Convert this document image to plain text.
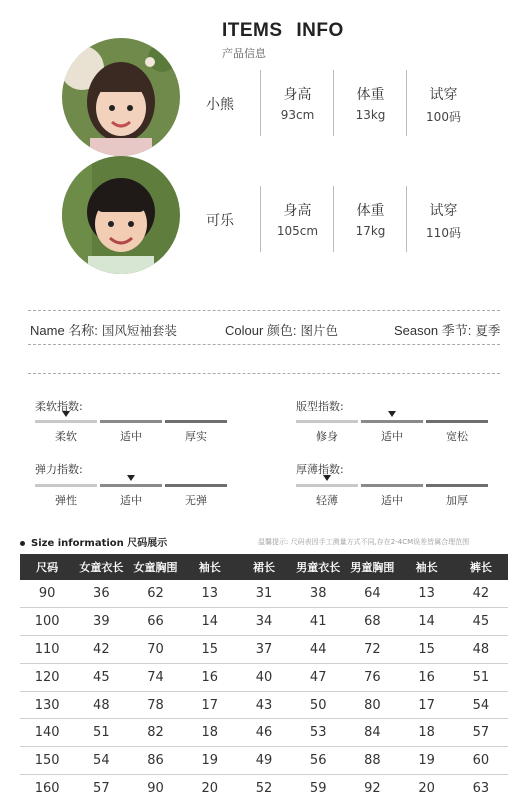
ITEMS INFO
产品信息
小熊
身高
93cm
体重
13kg
试穿
100码
可乐
身高
105cm
体重
17kg
试穿
110码
Name 名称: 国风短袖套装	Colour 颜色: 图片色	Season 季节: 夏季
柔软指数:
柔软	适中	厚实
版型指数:
修身	适中	宽松
弹力指数:
弹性	适中	无弹
厚薄指数:
轻薄	适中	加厚
Size information 尺码展示	温馨提示: 尺码表因手工测量方式不同,存在2-4CM误差皆属合理范围
尺码	女童衣长	女童胸围	袖长	裙长	男童衣长	男童胸围	袖长	裤长
90	36	62	13	31	38	64	13	42
100	39	66	14	34	41	68	14	45
110	42	70	15	37	44	72	15	48
120	45	74	16	40	47	76	16	51
130	48	78	17	43	50	80	17	54
140	51	82	18	46	53	84	18	57
150	54	86	19	49	56	88	19	60
160	57	90	20	52	59	92	20	63
